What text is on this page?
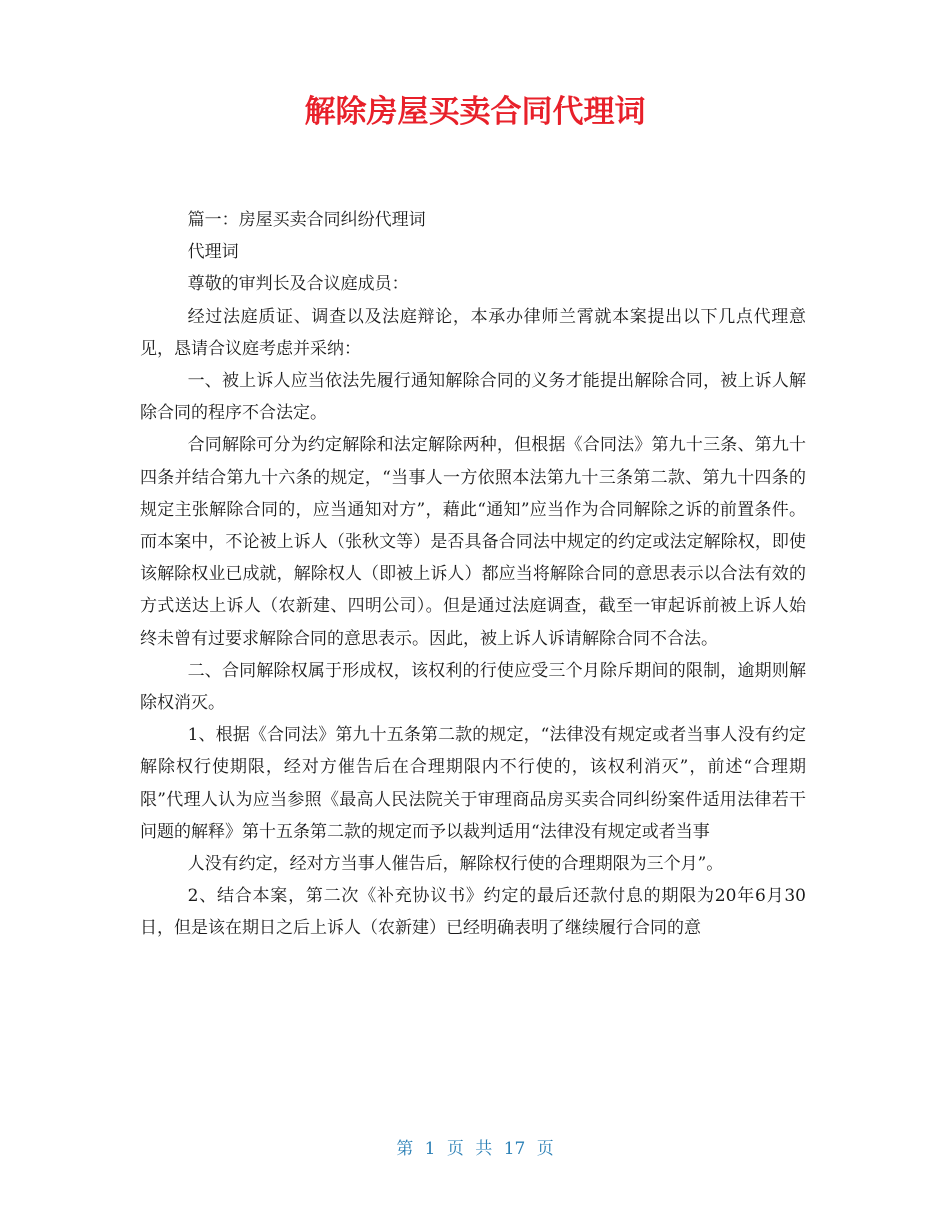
解除房屋买卖合同代理词

篇一：房屋买卖合同纠纷代理词

代理词

尊敬的审判长及合议庭成员：

经过法庭质证、调查以及法庭辩论，本承办律师兰霄就本案提出以下几点代理意见，恳请合议庭考虑并采纳：

一、被上诉人应当依法先履行通知解除合同的义务才能提出解除合同，被上诉人解除合同的程序不合法定。

合同解除可分为约定解除和法定解除两种，但根据《合同法》第九十三条、第九十四条并结合第九十六条的规定，“当事人一方依照本法第九十三条第二款、第九十四条的规定主张解除合同的，应当通知对方”，藉此“通知”应当作为合同解除之诉的前置条件。而本案中，不论被上诉人（张秋文等）是否具备合同法中规定的约定或法定解除权，即使该解除权业已成就，解除权人（即被上诉人）都应当将解除合同的意思表示以合法有效的方式送达上诉人（农新建、四明公司）。但是通过法庭调查，截至一审起诉前被上诉人始终未曾有过要求解除合同的意思表示。因此，被上诉人诉请解除合同不合法。

二、合同解除权属于形成权，该权利的行使应受三个月除斥期间的限制，逾期则解除权消灭。

1、根据《合同法》第九十五条第二款的规定，“法律没有规定或者当事人没有约定解除权行使期限，经对方催告后在合理期限内不行使的，该权利消灭”，前述“合理期限”代理人认为应当参照《最高人民法院关于审理商品房买卖合同纠纷案件适用法律若干问题的解释》第十五条第二款的规定而予以裁判适用“法律没有规定或者当事

人没有约定，经对方当事人催告后，解除权行使的合理期限为三个月”。

2、结合本案，第二次《补充协议书》约定的最后还款付息的期限为20年6月30日，但是该在期日之后上诉人（农新建）已经明确表明了继续履行合同的意

第 1 页 共 17 页
